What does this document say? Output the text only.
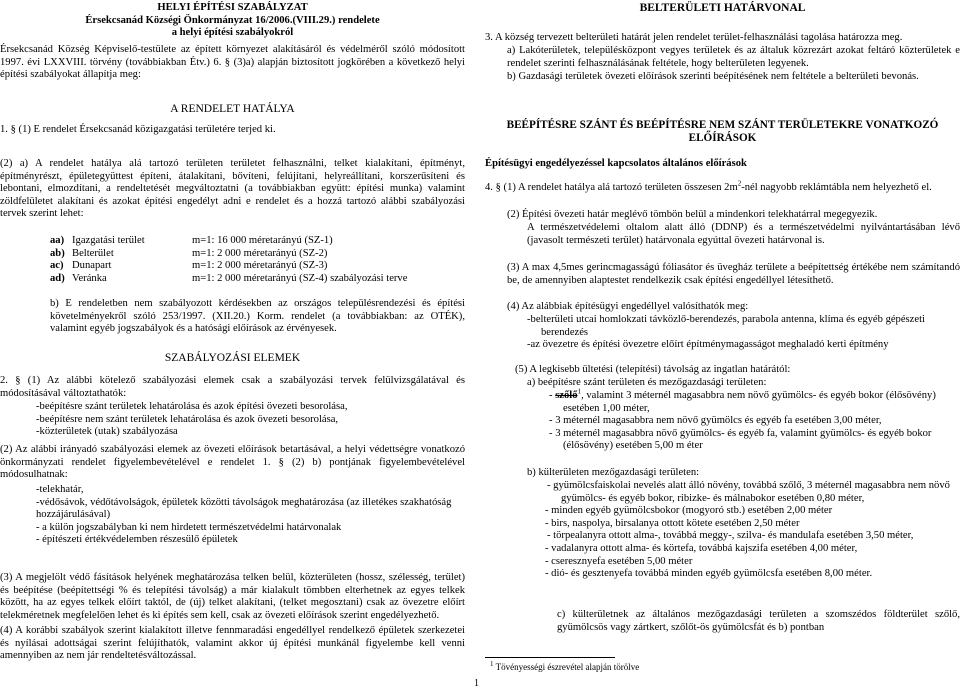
HELYI ÉPÍTÉSI SZABÁLYZAT
Érsekcsanád Községi Önkormányzat 16/2006.(VIII.29.) rendelete
a helyi építési szabályokról
Érsekcsanád Község Képviselő-testülete az épített környezet alakításáról és védelméről szóló módosított 1997. évi LXXVIII. törvény (továbbiakban Étv.) 6. § (3)a) alapján biztosított jogkörében a következő helyi építési szabályokat állapítja meg:
A RENDELET HATÁLYA
1. § (1) E rendelet Érsekcsanád közigazgatási területére terjed ki.
(2) a) A rendelet hatálya alá tartozó területen területet felhasználni, telket kialakítani, építményt, építményrészt, épületegyüttest építeni, átalakítani, bővíteni, felújítani, helyreállítani, korszerűsíteni és lebontani, elmozdítani, a rendeltetését megváltoztatni (a továbbiakban együtt: építési munka) valamint zöldfelületet alakítani és azokat építési engedélyt adni e rendelet és a hozzá tartozó alábbi szabályozási tervek szerint lehet:
aa)	Igazgatási terület	m=1: 16 000 méretarányú (SZ-1)
ab)	Belterület	m=1: 2 000 méretarányú (SZ-2)
ac)	Dunapart	m=1: 2 000 méretarányú (SZ-3)
ad)	Veránka	m=1: 2 000 méretarányú (SZ-4) szabályozási terve
b) E rendeletben nem szabályozott kérdésekben az országos településrendezési és építési követelményekről szóló 253/1997. (XII.20.) Korm. rendelet (a továbbiakban: az OTÉK), valamint egyéb jogszabályok és a hatósági előírások az érvényesek.
SZABÁLYOZÁSI ELEMEK
2. § (1) Az alábbi kötelező szabályozási elemek csak a szabályozási tervek felülvizsgálatával és módosításával változtathatók:
-beépítésre szánt területek lehatárolása és azok építési övezeti besorolása,
-beépítésre nem szánt területek lehatárolása és azok övezeti besorolása,
-közterületek (utak) szabályozása
(2) Az alábbi irányadó szabályozási elemek az övezeti előírások betartásával, a helyi védettségre vonatkozó önkormányzati rendelet figyelembevételével e rendelet 1. § (2) b) pontjának figyelembevételével módosulhatnak:
-telekhatár,
-védősávok, védőtávolságok, épületek közötti távolságok meghatározása (az illetékes szakhatóság hozzájárulásával)
- a külön jogszabályban ki nem hirdetett természetvédelmi határvonalak
- építészeti értékvédelemben részesülő épületek
(3) A megjelölt védő fásítások helyének meghatározása telken belül, közterületen (hossz, szélesség, terület) és beépítése (beépítettségi % és telepítési távolság) a már kialakult tömbben elterhetnek az egyes telkek között, ha az egyes telkek előírt taktól, de (új) telket alakítani, (telket megosztani) csak az övezetre előírt telekméretnek megfelelően lehet és ki építés sem kell, csak az övezeti előírások szerint engedélyezhető.
(4) A korábbi szabályok szerint kialakított illetve fennmaradási engedéllyel rendelkező épületek szerkezetei és nyílásai adottságai szerint felújíthatók, valamint akkor új építési munkánál figyelembe kell venni amennyiben az nem jár rendeltetésváltozással.
BELTERÜLETI HATÁRVONAL
3. A község tervezett belterületi határát jelen rendelet terület-felhasználási tagolása határozza meg.
a) Lakóterületek, településközpont vegyes területek és az általuk közrezárt azokat feltáró közterületek e rendelet szerinti felhasználásának feltétele, hogy belterületen legyenek.
b) Gazdasági területek övezeti előírások szerinti beépítésének nem feltétele a belterületi bevonás.
BEÉPÍTÉSRE SZÁNT ÉS BEÉPÍTÉSRE NEM SZÁNT TERÜLETEKRE VONATKOZÓ ELŐÍRÁSOK
Építésügyi engedélyezéssel kapcsolatos általános előírások
4. § (1) A rendelet hatálya alá tartozó területen összesen $2m^2$-nél nagyobb reklámtábla nem helyezhető el.
(2) Építési övezeti határ meglévő tömbön belül a mindenkori telekhatárral megegyezik.
A természetvédelemi oltalom alatt álló (DDNP) és a természetvédelmi nyilvántartásában lévő (javasolt természeti terület) határvonala egyúttal övezeti határvonal is.
(3) A max 4,5mes gerincmagasságú fóliasátor és üvegház területe a beépítettség értékébe nem számítandó be, de amennyiben alaptestet rendelkezik csak építési engedéllyel létesíthető.
(4) Az alábbiak építésügyi engedéllyel valósíthatók meg:
-belterületi utcai homlokzati távközlő-berendezés, parabola antenna, klíma és egyéb gépészeti berendezés
-az övezetre és építési övezetre előírt építménymagasságot meghaladó kerti építmény
(5) A legkisebb ültetési (telepítési) távolság az ingatlan határától:
a) beépítésre szánt területen és mezőgazdasági területen:
- szőlő$^1$, valamint 3 méternél magasabbra nem növő gyümölcs- és egyéb bokor (élősövény) esetében 1,00 méter,
- 3 méternél magasabbra nem növő gyümölcs és egyéb fa esetében 3,00 méter,
- 3 méternél magasabbra növő gyümölcs- és egyéb fa, valamint gyümölcs- és egyéb bokor (élősövény) esetében 5,00 m éter
b) külterületen mezőgazdasági területen:
- gyümölcsfaiskolai nevelés alatt álló növény, továbbá szőlő, 3 méternél magasabbra nem növő gyümölcs- és egyéb bokor, ribizke- és málnabokor esetében 0,80 méter,
- minden egyéb gyümölcsbokor (mogyoró stb.) esetében 2,00 méter
- birs, naspolya, birsalanya ottott kötete esetében 2,50 méter
- törpealanyra ottott alma-, továbbá meggy-, szilva- és mandulafa esetében 3,50 méter,
- vadalanyra ottott alma- és körtefa, továbbá kajszifa esetében 4,00 méter,
- cseresznyefa esetében 5,00 méter
- dió- és gesztenyefa továbbá minden egyéb gyümölcsfa esetében 8,00 méter.
c) külterületnek az általános mezőgazdasági területen a szomszédos földterület szőlő, gyümölcsös vagy zártkert, szőlőt-ös gyümölcsfát és b) pontban
$^1$ Tövényességi észrevétel alapján törölve
1
